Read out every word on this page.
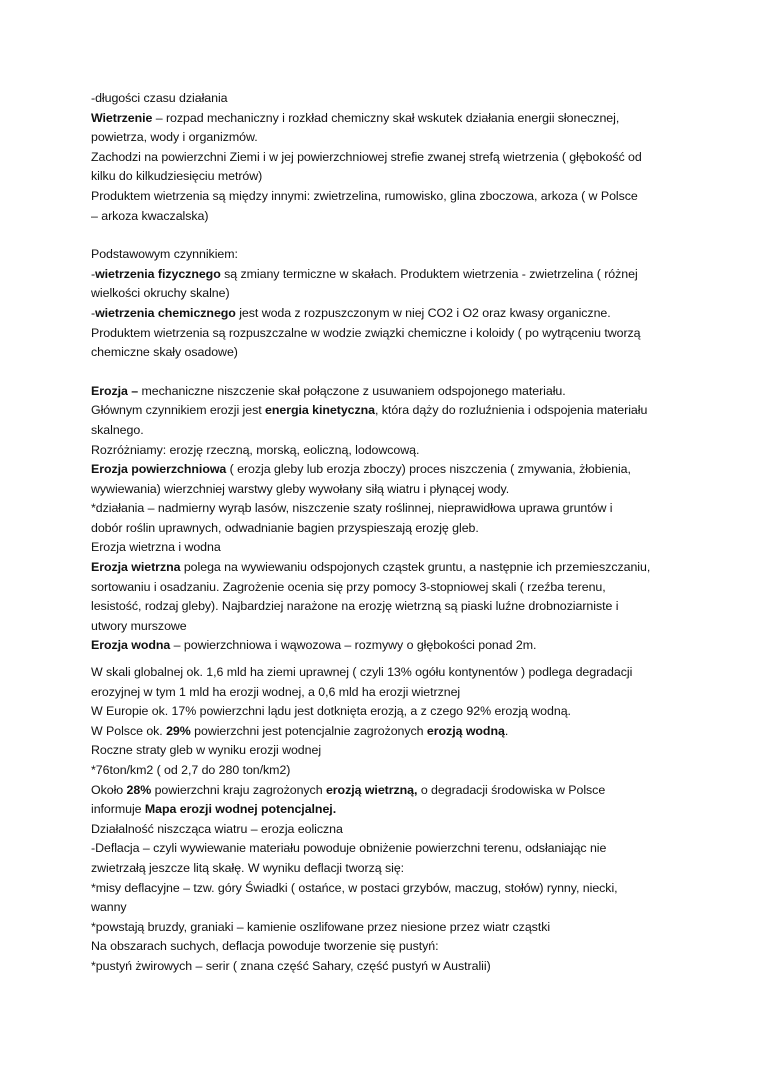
-długości czasu działania
Wietrzenie – rozpad mechaniczny i rozkład chemiczny skał wskutek działania energii słonecznej,
powietrza, wody i organizmów.
Zachodzi na powierzchni Ziemi i w jej powierzchniowej strefie zwanej strefą wietrzenia ( głębokość od
kilku do kilkudziesięciu metrów)
Produktem wietrzenia są między innymi: zwietrzelina, rumowisko, glina zboczowa, arkoza ( w Polsce
– arkoza kwaczalska)
Podstawowym czynnikiem:
-wietrzenia fizycznego są zmiany termiczne w skałach. Produktem wietrzenia - zwietrzelina ( różnej
wielkości okruchy skalne)
-wietrzenia chemicznego jest woda z rozpuszczonym w niej CO2 i O2 oraz kwasy organiczne.
Produktem wietrzenia są rozpuszczalne w wodzie związki chemiczne i koloidy ( po wytrąceniu tworzą
chemiczne skały osadowe)
Erozja – mechaniczne niszczenie skał połączone z usuwaniem odspojonego materiału.
Głównym czynnikiem erozji jest energia kinetyczna, która dąży do rozluźnienia i odspojenia materiału
skalnego.
Rozróżniamy: erozję rzeczną, morską, eoliczną, lodowcową.
Erozja powierzchniowa ( erozja gleby lub erozja zboczy) proces niszczenia ( zmywania, żłobienia,
wywiewania) wierzchniej warstwy gleby wywołany siłą wiatru i płynącej wody.
*działania – nadmierny wyrąb lasów, niszczenie szaty roślinnej, nieprawidłowa uprawa gruntów i
dobór roślin uprawnych, odwadnianie bagien przyspieszają erozję gleb.
Erozja wietrzna i wodna
Erozja wietrzna polega na wywiewaniu odspojonych cząstek gruntu, a następnie ich przemieszczaniu,
sortowaniu i osadzaniu. Zagrożenie ocenia się przy pomocy 3-stopniowej skali ( rzeźba terenu,
lesistość, rodzaj gleby). Najbardziej narażone na erozję wietrzną są piaski luźne drobnoziarniste i
utwory murszowe
Erozja wodna – powierzchniowa i wąwozowa – rozmywy o głębokości ponad 2m.
W skali globalnej ok. 1,6 mld ha ziemi uprawnej ( czyli 13% ogółu kontynentów ) podlega degradacji
erozyjnej w tym 1 mld ha erozji wodnej, a 0,6 mld ha erozji wietrznej
W Europie ok. 17% powierzchni lądu jest dotknięta erozją, a z czego 92% erozją wodną.
W Polsce ok. 29% powierzchni jest potencjalnie zagrożonych erozją wodną.
Roczne straty gleb w wyniku erozji wodnej
*76ton/km2 ( od 2,7 do 280 ton/km2)
Około 28% powierzchni kraju zagrożonych erozją wietrzną, o degradacji środowiska w Polsce
informuje Mapa erozji wodnej potencjalnej.
Działalność niszcząca wiatru – erozja eoliczna
-Deflacja – czyli wywiewanie materiału powoduje obniżenie powierzchni terenu, odsłaniając nie
zwietrzałą jeszcze litą skałę. W wyniku deflacji tworzą się:
*misy deflacyjne – tzw. góry Świadki ( ostańce, w postaci grzybów, maczug, stołów) rynny, niecki,
wanny
*powstają bruzdy, graniaki – kamienie oszlifowane przez niesione przez wiatr cząstki
Na obszarach suchych, deflacja powoduje tworzenie się pustyń:
*pustyń żwirowych – serir ( znana część Sahary, część pustyń w Australii)
